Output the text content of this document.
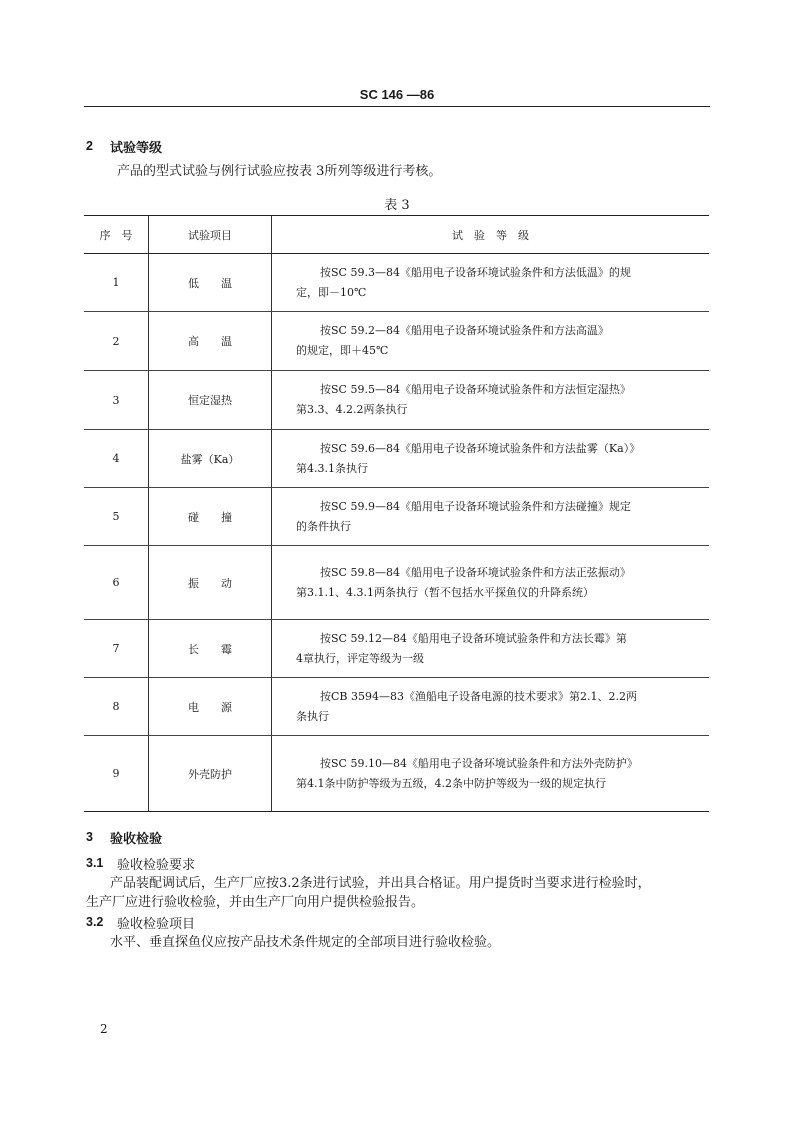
SC 146 —86
2 试验等级
产品的型式试验与例行试验应按表 3所列等级进行考核。
表 3
序　号	试验项目	试　验　等　级
1	低　　温	按SC 59.3—84《船用电子设备环境试验条件和方法低温》的规
定，即－10℃

2	高　　温	按SC 59.2—84《船用电子设备环境试验条件和方法高温》
的规定，即＋45℃

3	恒定湿热	按SC 59.5—84《船用电子设备环境试验条件和方法恒定湿热》
第3.3、4.2.2两条执行

4	盐雾（Ka）	按SC 59.6—84《船用电子设备环境试验条件和方法盐雾（Ka）》
第4.3.1条执行

5	碰　　撞	按SC 59.9—84《船用电子设备环境试验条件和方法碰撞》规定
的条件执行

6	振　　动	按SC 59.8—84《船用电子设备环境试验条件和方法正弦振动》
第3.1.1、4.3.1两条执行（暂不包括水平探鱼仪的升降系统）

7	长　　霉	按SC 59.12—84《船用电子设备环境试验条件和方法长霉》第
4章执行，评定等级为一级

8	电　　源	按CB 3594—83《渔船电子设备电源的技术要求》第2.1、2.2两
条执行

9	外壳防护	按SC 59.10—84《船用电子设备环境试验条件和方法外壳防护》
第4.1条中防护等级为五级，4.2条中防护等级为一级的规定执行
3 验收检验
3.1 验收检验要求
产品装配调试后，生产厂应按3.2条进行试验，并出具合格证。用户提货时当要求进行检验时，
生产厂应进行验收检验，并由生产厂向用户提供检验报告。
3.2 验收检验项目
水平、垂直探鱼仪应按产品技术条件规定的全部项目进行验收检验。
2
